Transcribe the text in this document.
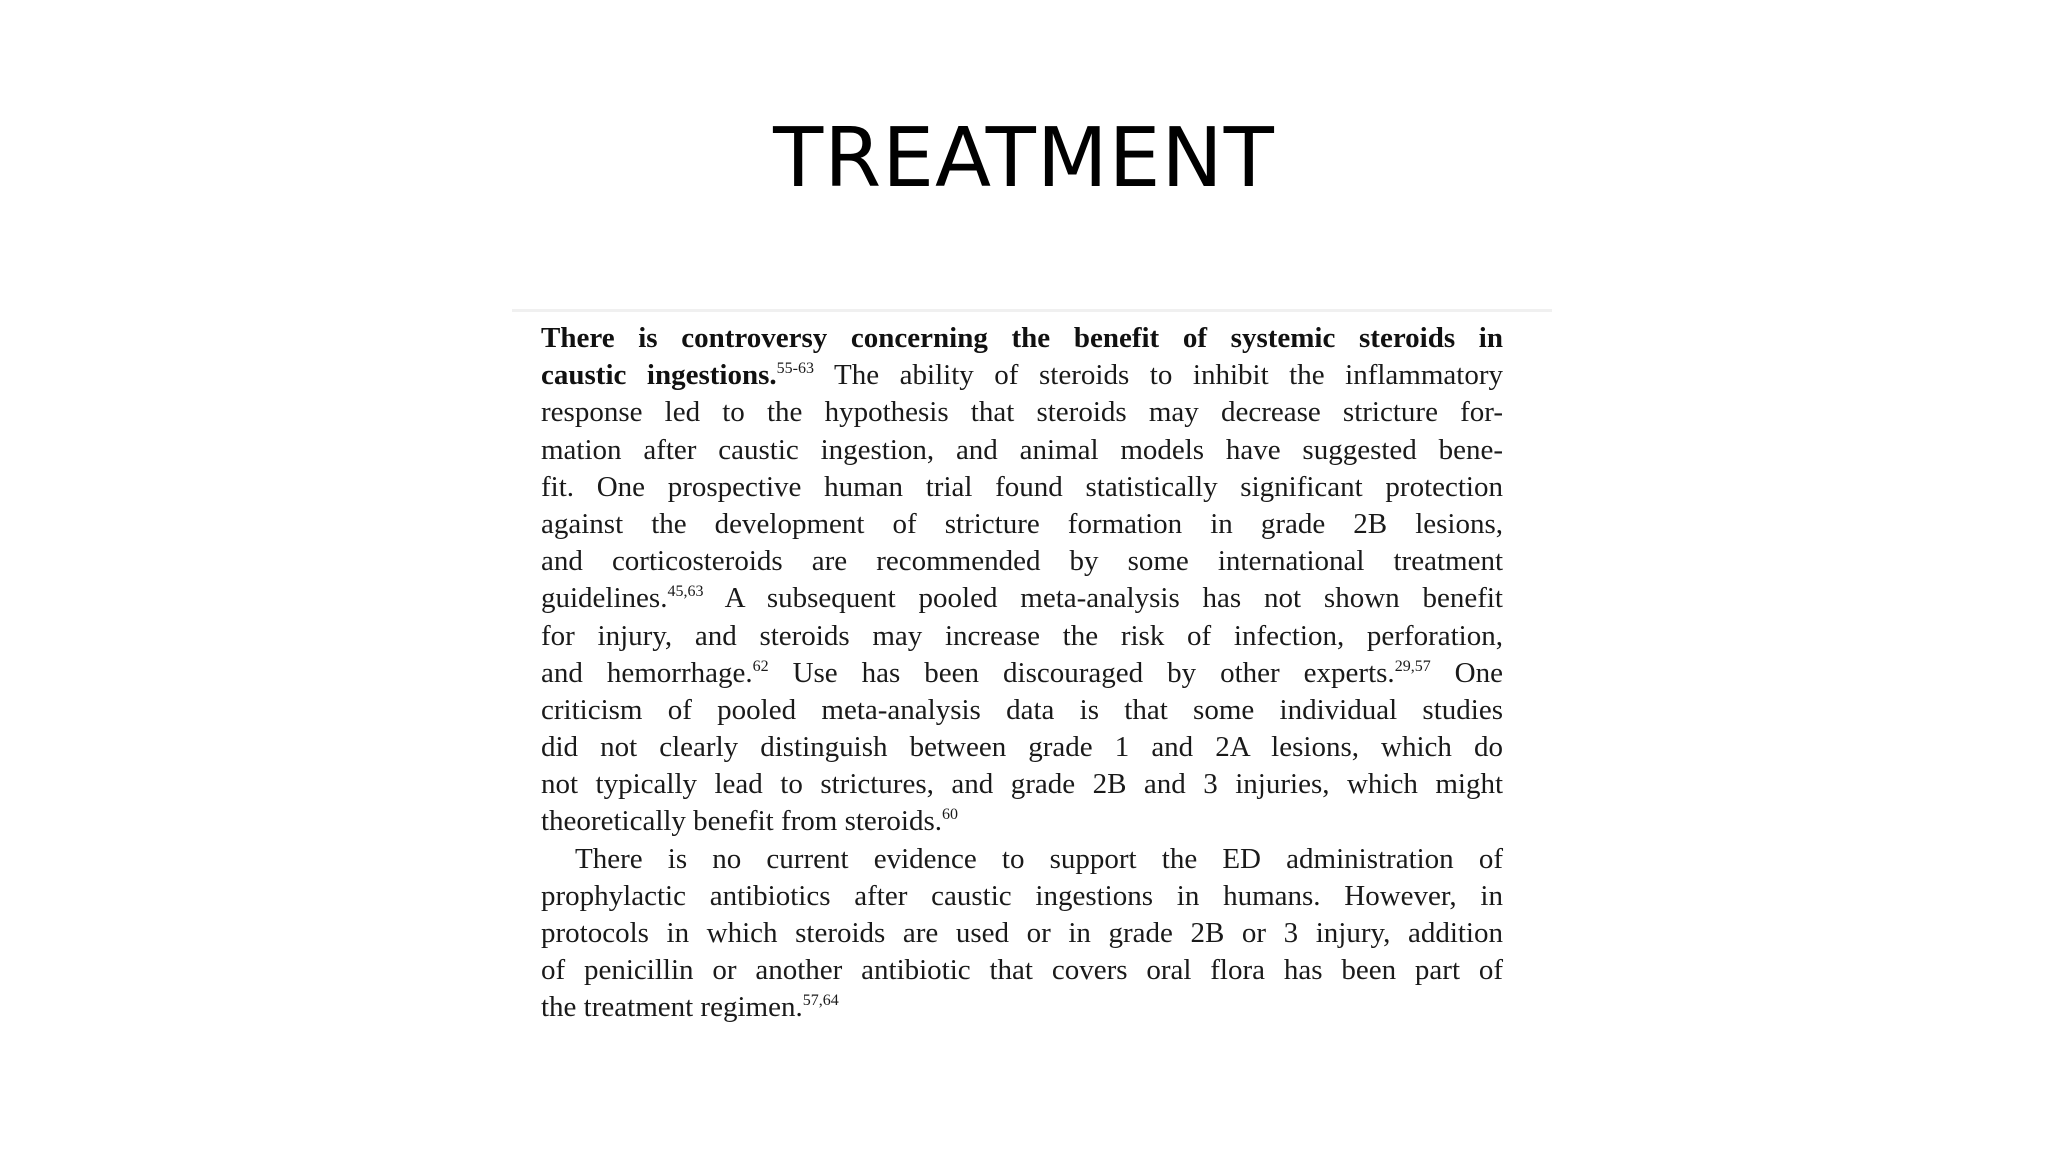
TREATMENT

There is controversy concerning the benefit of systemic steroids in
caustic ingestions.$^{55-63}$ The ability of steroids to inhibit the inflammatory
response led to the hypothesis that steroids may decrease stricture for-
mation after caustic ingestion, and animal models have suggested bene-
fit. One prospective human trial found statistically significant protection
against the development of stricture formation in grade 2B lesions,
and corticosteroids are recommended by some international treatment
guidelines.$^{45,63}$ A subsequent pooled meta-analysis has not shown benefit
for injury, and steroids may increase the risk of infection, perforation,
and hemorrhage.$^{62}$ Use has been discouraged by other experts.$^{29,57}$ One
criticism of pooled meta-analysis data is that some individual studies
did not clearly distinguish between grade 1 and 2A lesions, which do
not typically lead to strictures, and grade 2B and 3 injuries, which might
theoretically benefit from steroids.$^{60}$

There is no current evidence to support the ED administration of
prophylactic antibiotics after caustic ingestions in humans. However, in
protocols in which steroids are used or in grade 2B or 3 injury, addition
of penicillin or another antibiotic that covers oral flora has been part of
the treatment regimen.$^{57,64}$
